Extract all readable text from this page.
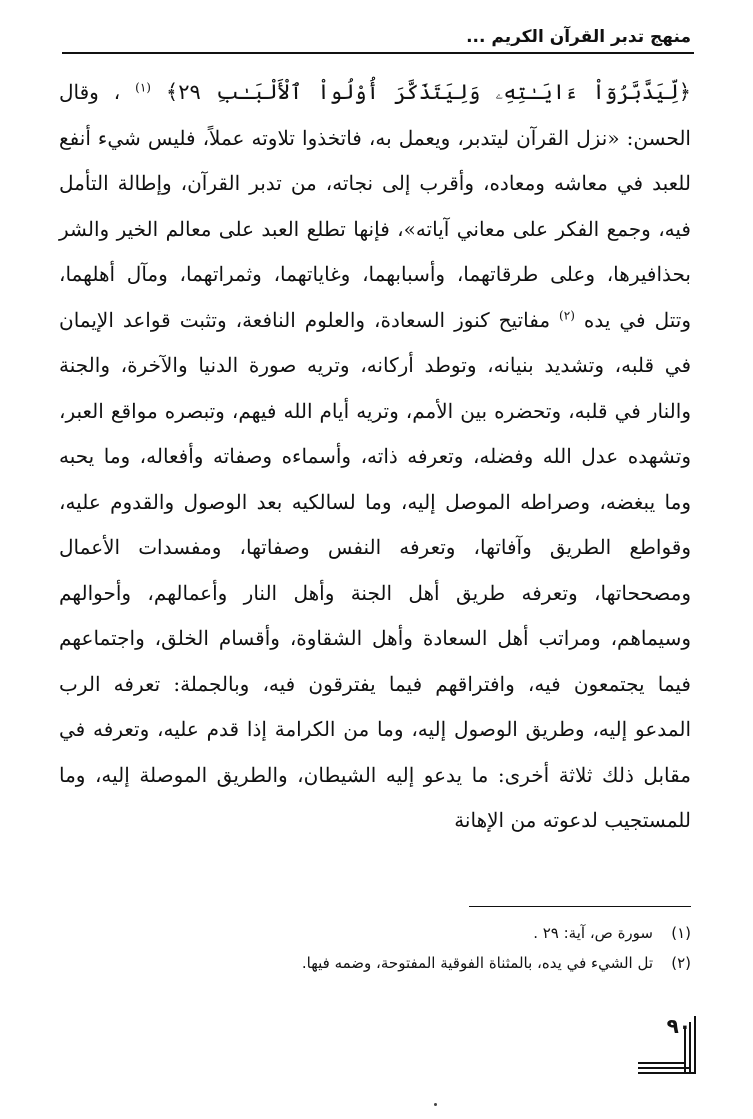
منهج تدبر القرآن الكريم ...

﴿لِّيَدَّبَّرُوٓاْ ءَايَـٰتِهِۦ وَلِيَتَذَكَّرَ أُوْلُواْ ٱلْأَلْبَـٰبِ ٢٩﴾ $^{(١)}$ ، وقال الحسن: «نزل القرآن ليتدبر، ويعمل به، فاتخذوا تلاوته عملاً، فليس شيء أنفع للعبد في معاشه ومعاده، وأقرب إلى نجاته، من تدبر القرآن، وإطالة التأمل فيه، وجمع الفكر على معاني آياته»، فإنها تطلع العبد على معالم الخير والشر بحذافيرها، وعلى طرقاتهما، وأسبابهما، وغاياتهما، وثمراتهما، ومآل أهلهما، وتتل في يده $^{(٢)}$ مفاتيح كنوز السعادة، والعلوم النافعة، وتثبت قواعد الإيمان في قلبه، وتشديد بنيانه، وتوطد أركانه، وتريه صورة الدنيا والآخرة، والجنة والنار في قلبه، وتحضره بين الأمم، وتريه أيام الله فيهم، وتبصره مواقع العبر، وتشهده عدل الله وفضله، وتعرفه ذاته، وأسماءه وصفاته وأفعاله، وما يحبه وما يبغضه، وصراطه الموصل إليه، وما لسالكيه بعد الوصول والقدوم عليه، وقواطع الطريق وآفاتها، وتعرفه النفس وصفاتها، ومفسدات الأعمال ومصححاتها، وتعرفه طريق أهل الجنة وأهل النار وأعمالهم، وأحوالهم وسيماهم، ومراتب أهل السعادة وأهل الشقاوة، وأقسام الخلق، واجتماعهم فيما يجتمعون فيه، وافتراقهم فيما يفترقون فيه، وبالجملة: تعرفه الرب المدعو إليه، وطريق الوصول إليه، وما من الكرامة إذا قدم عليه، وتعرفه في مقابل ذلك ثلاثة أخرى: ما يدعو إليه الشيطان، والطريق الموصلة إليه، وما للمستجيب لدعوته من الإهانة

(١)سورة ص، آية: ٢٩ .
(٢)تل الشيء في يده، بالمثناة الفوقية المفتوحة، وضمه فيها.
٩٠
